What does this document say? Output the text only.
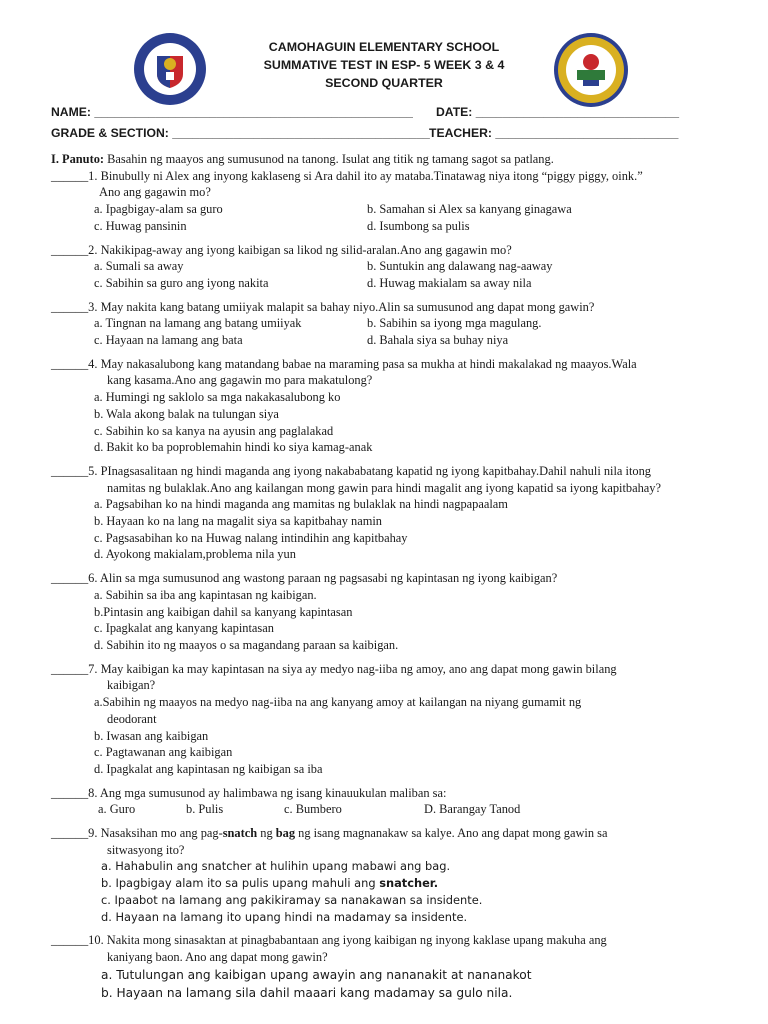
CAMOHAGUIN ELEMENTARY SCHOOL
SUMMATIVE TEST IN ESP- 5 WEEK 3 & 4
SECOND QUARTER
NAME: _______________________________________________ DATE: ______________________________
GRADE & SECTION: ______________________________________ TEACHER: ___________________________
I. Panuto: Basahin ng maayos ang sumusunod na tanong. Isulat ang titik ng tamang sagot sa patlang.
______1. Binubully ni Alex ang inyong kaklaseng si Ara dahil ito ay mataba.Tinatawag niya itong “piggy piggy, oink.”
Ano ang gagawin mo?
a. Ipagbigay-alam sa guro	b. Samahan si Alex sa kanyang ginagawa
c. Huwag pansinin	d. Isumbong sa pulis
______2. Nakikipag-away ang iyong kaibigan sa likod ng silid-aralan.Ano ang gagawin mo?
a. Sumali sa away	b. Suntukin ang dalawang nag-aaway
c. Sabihin sa guro ang iyong nakita	d. Huwag makialam sa away nila
______3. May nakita kang batang umiiyak malapit sa bahay niyo.Alin sa sumusunod ang dapat mong gawin?
a. Tingnan na lamang ang batang umiiyak	b. Sabihin sa iyong mga magulang.
c. Hayaan na lamang ang bata	d. Bahala siya sa buhay niya
______4. May nakasalubong kang matandang babae na maraming pasa sa mukha at hindi makalakad ng maayos.Wala
kang kasama.Ano ang gagawin mo para makatulong?
a. Humingi ng saklolo sa mga nakakasalubong ko
b. Wala akong balak na tulungan siya
c. Sabihin ko sa kanya na ayusin ang paglalakad
d. Bakit ko ba poproblemahin hindi ko siya kamag-anak
______5. PInagsasalitaan ng hindi maganda ang iyong nakababatang kapatid ng iyong kapitbahay.Dahil nahuli nila itong
namitas ng bulaklak.Ano ang kailangan mong gawin para hindi magalit ang iyong kapatid sa iyong kapitbahay?
a. Pagsabihan ko na hindi maganda ang mamitas ng bulaklak na hindi nagpapaalam
b. Hayaan ko na lang na magalit siya sa kapitbahay namin
c. Pagsasabihan ko na Huwag nalang intindihin ang kapitbahay
d. Ayokong makialam,problema nila yun
______6. Alin sa mga sumusunod ang wastong paraan ng pagsasabi ng kapintasan ng iyong kaibigan?
a. Sabihin sa iba ang kapintasan ng kaibigan.
b.Pintasin ang kaibigan dahil sa kanyang kapintasan
c. Ipagkalat ang kanyang kapintasan
d. Sabihin ito ng maayos o sa magandang paraan sa kaibigan.
______7. May kaibigan ka may kapintasan na siya ay medyo nag-iiba ng amoy, ano ang dapat mong gawin bilang
kaibigan?
a.Sabihin ng maayos na medyo nag-iiba na ang kanyang amoy at kailangan na niyang gumamit ng
deodorant
b. Iwasan ang kaibigan
c. Pagtawanan ang kaibigan
d. Ipagkalat ang kapintasan ng kaibigan sa iba
______8. Ang mga sumusunod ay halimbawa ng isang kinauukulan maliban sa:
a. Guro	b. Pulis	c. Bumbero	D. Barangay Tanod
______9. Nasaksihan mo ang pag-snatch ng bag ng isang magnanakaw sa kalye. Ano ang dapat mong gawin sa
sitwasyong ito?
a. Hahabulin ang snatcher at hulihin upang mabawi ang bag.
b. Ipagbigay alam ito sa pulis upang mahuli ang snatcher.
c. Ipaabot na lamang ang pakikiramay sa nanakawan sa insidente.
d. Hayaan na lamang ito upang hindi na madamay sa insidente.
______10. Nakita mong sinasaktan at pinagbabantaan ang iyong kaibigan ng inyong kaklase upang makuha ang
kaniyang baon. Ano ang dapat mong gawin?
a. Tutulungan ang kaibigan upang awayin ang nananakit at nananakot
b. Hayaan na lamang sila dahil maaari kang madamay sa gulo nila.
